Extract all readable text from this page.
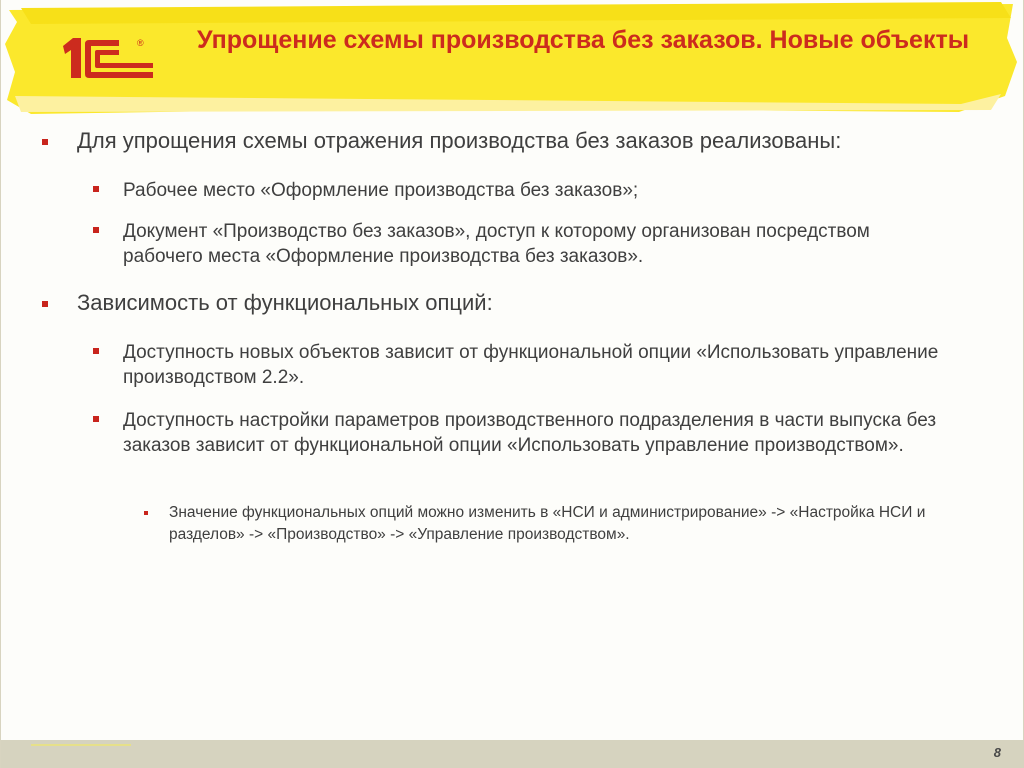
® Упрощение схемы производства без заказов. Новые объекты
Для упрощения схемы отражения производства без заказов реализованы:
Рабочее место «Оформление производства без заказов»;
Документ «Производство без заказов», доступ к которому организован посредством рабочего места «Оформление производства без заказов».
Зависимость от функциональных опций:
Доступность новых объектов зависит от функциональной опции «Использовать управление производством 2.2».
Доступность настройки параметров производственного подразделения в части выпуска без заказов зависит от функциональной опции «Использовать управление производством».
Значение функциональных опций можно изменить в «НСИ и администрирование» -> «Настройка НСИ и разделов» -> «Производство» -> «Управление производством».
8
